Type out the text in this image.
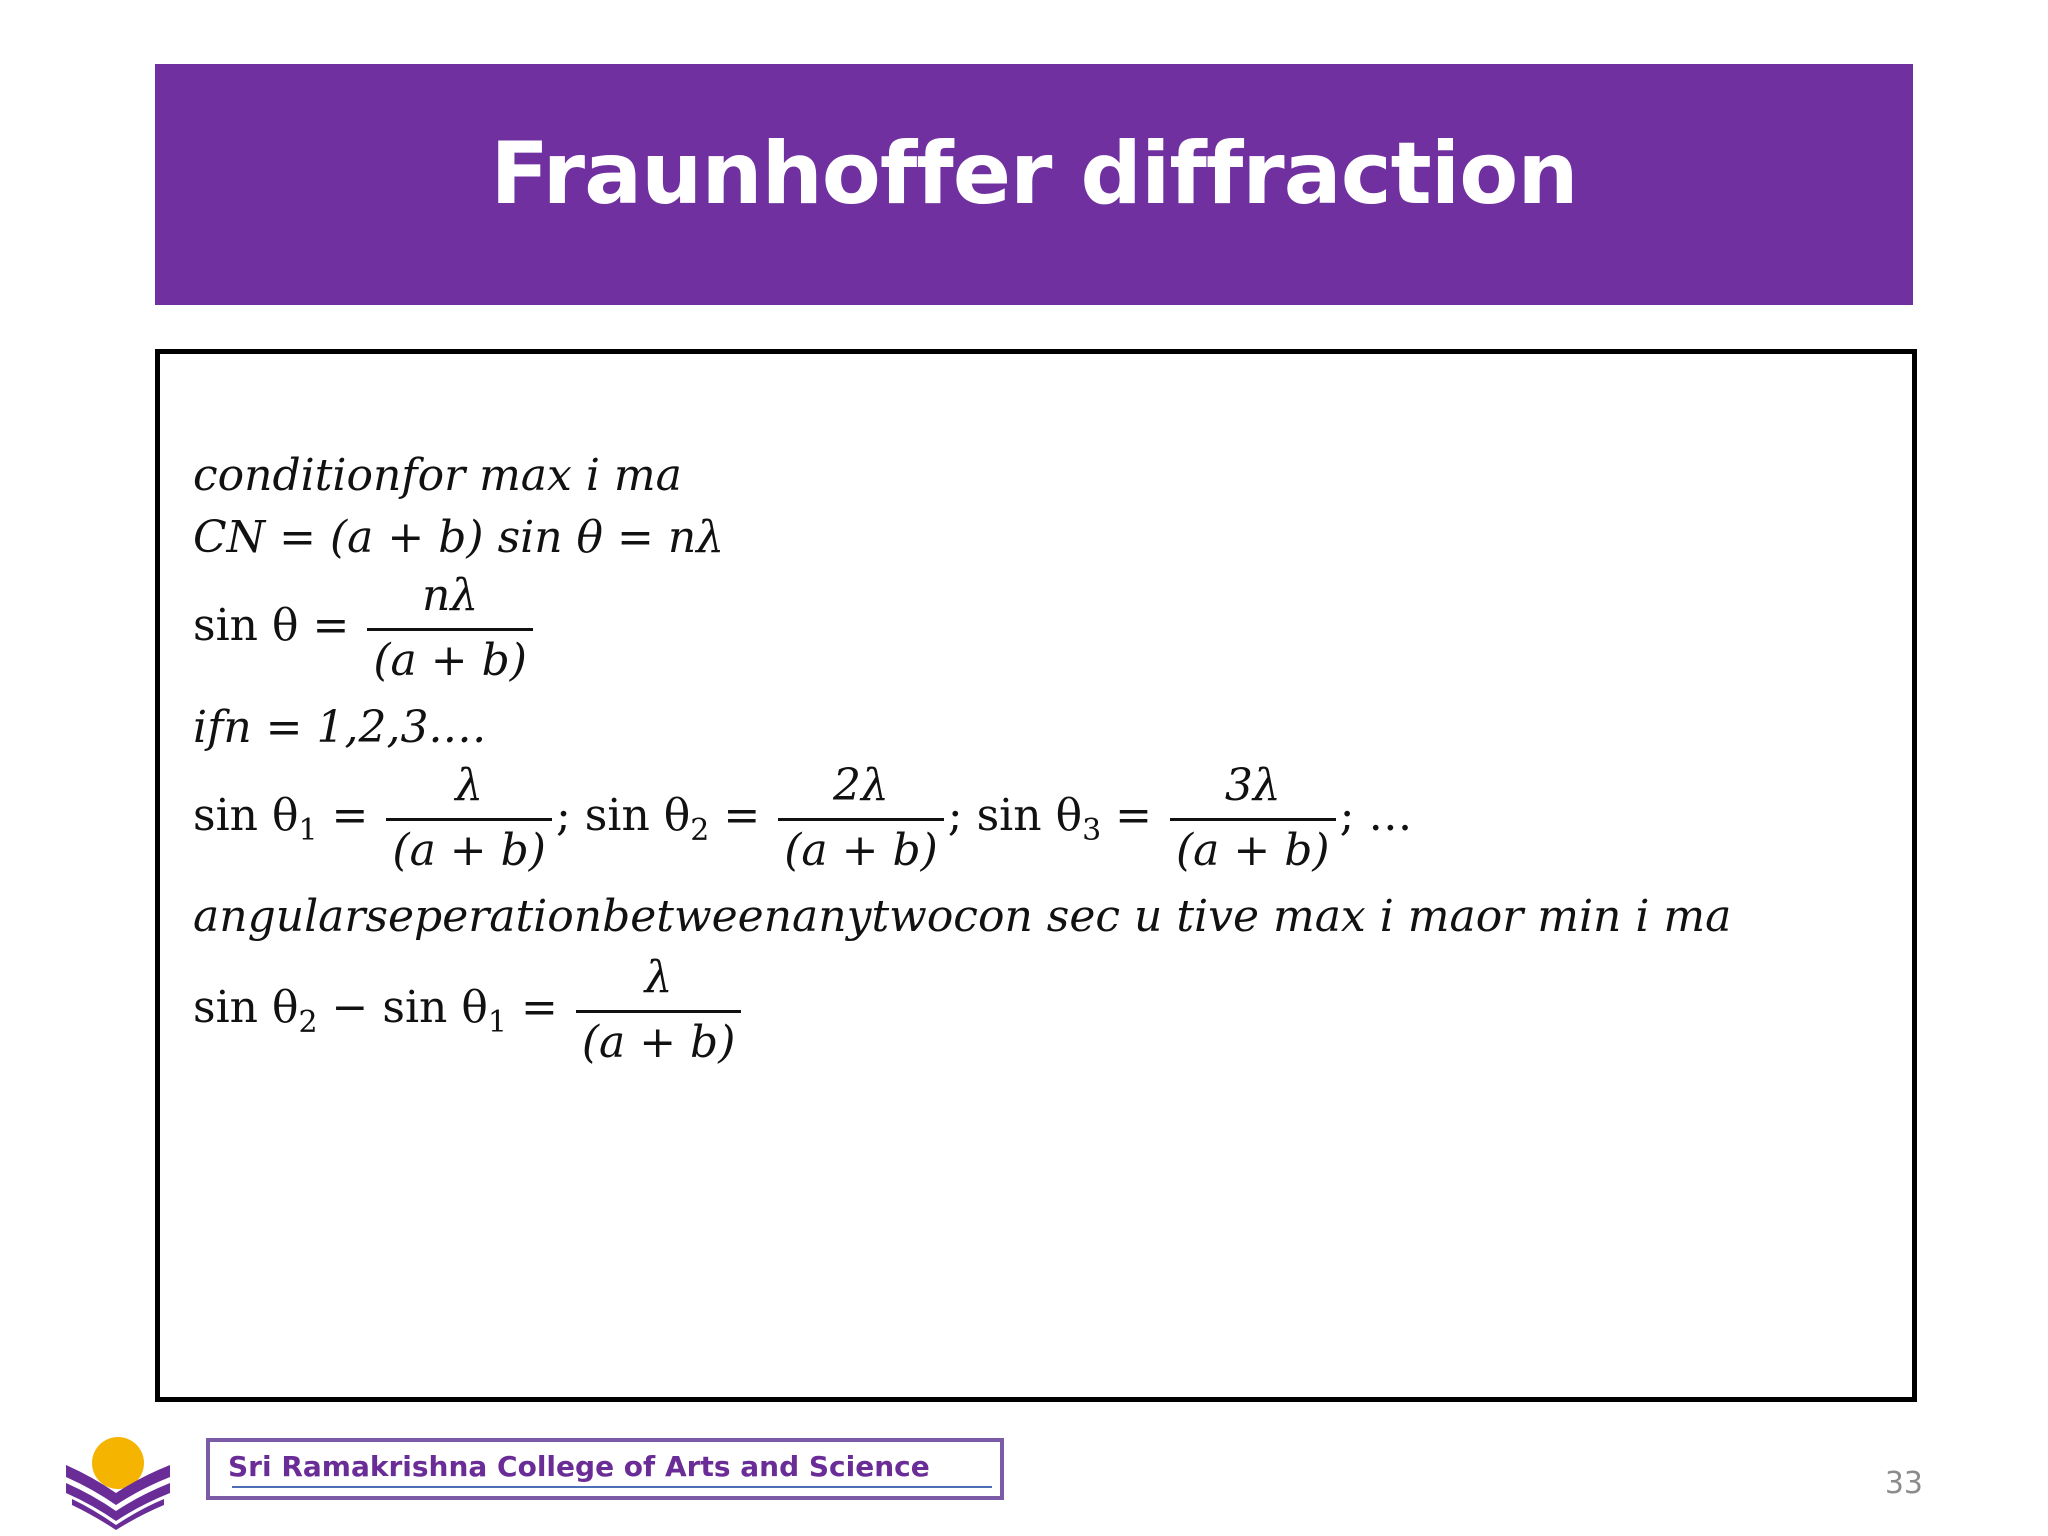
Fraunhoffer diffraction
conditionfor max i ma
CN = (a + b) sin θ = nλ
$\sin \theta = \frac{n\lambda}{(a + b)}$
ifn = 1,2,3.…
$\sin \theta_1 = \frac{\lambda}{(a + b)}$ ; $\sin \theta_2 = \frac{2\lambda}{(a + b)}$ ; $\sin \theta_3 = \frac{3\lambda}{(a + b)}$ ; …
angularseperationbetweenanytwocon sec u tive max i maor min i ma
$\sin \theta_2 - \sin \theta_1 = \frac{\lambda}{(a + b)}$
Sri Ramakrishna College of Arts and Science	33
